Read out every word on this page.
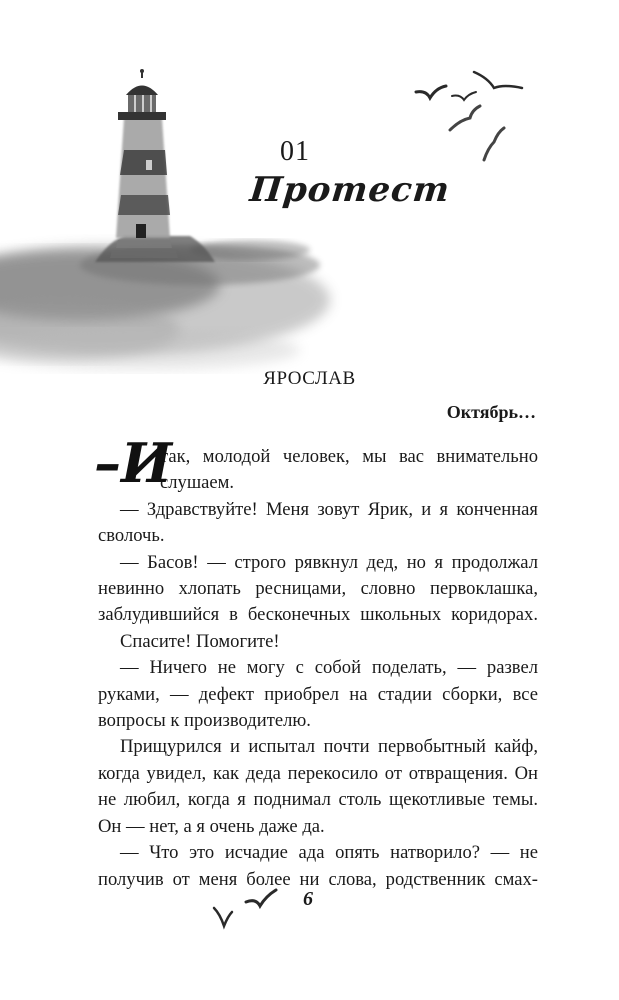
01
Протест
ЯРОСЛАВ
Октябрь…
–И
так, молодой человек, мы вас внимательно
слушаем.
— Здравствуйте! Меня зовут Ярик, и я конченная
сволочь.
— Басов! — строго рявкнул дед, но я продолжал
невинно хлопать ресницами, словно первоклашка,
заблудившийся в бесконечных школьных коридорах.
Спасите! Помогите!
— Ничего не могу с собой поделать, — развел
руками, — дефект приобрел на стадии сборки, все
вопросы к производителю.
Прищурился и испытал почти первобытный кайф,
когда увидел, как деда перекосило от отвращения. Он
не любил, когда я поднимал столь щекотливые темы.
Он — нет, а я очень даже да.
— Что это исчадие ада опять натворило? — не
получив от меня более ни слова, родственник смах-
6
